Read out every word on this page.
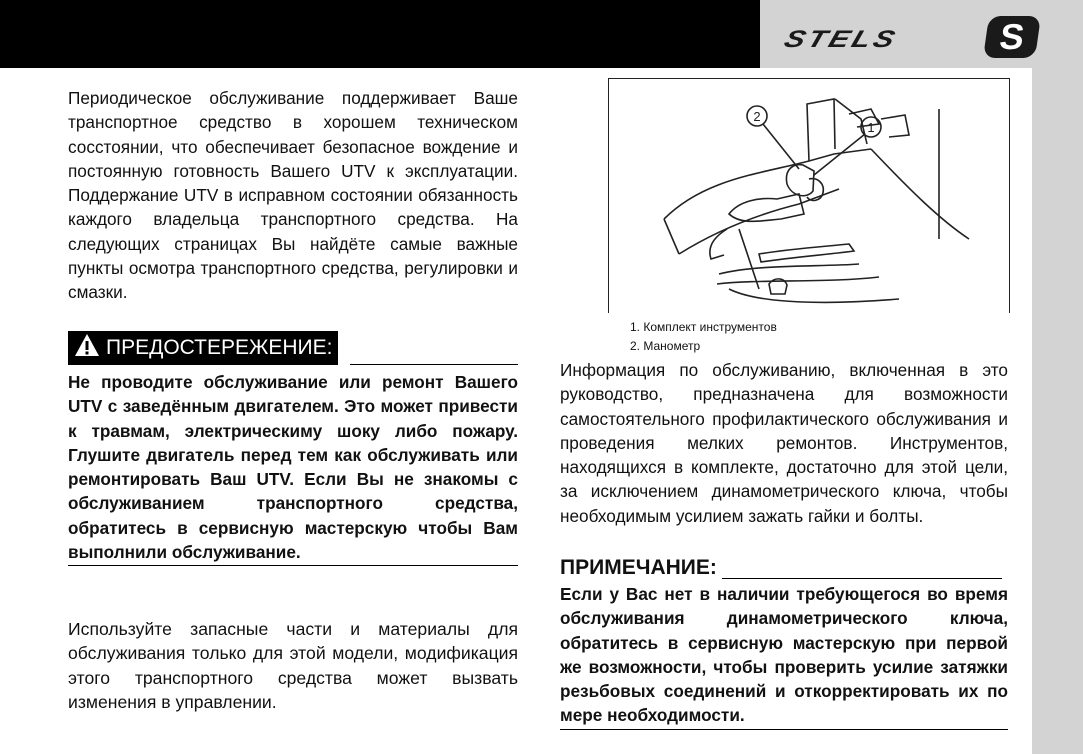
STELS	S

Периодическое обслуживание поддерживает Ваше транспортное средство в хорошем техническом сосстоянии, что обеспечивает безопасное вождение и постоянную готовность Вашего UTV к эксплуатации. Поддержание UTV в исправном состоянии обязанность каждого владельца транспортного средства. На следующих страницах Вы найдёте самые важные пункты осмотра транспортного средства, регулировки и смазки.

ПРЕДОСТЕРЕЖЕНИЕ:

Не проводите обслуживание или ремонт Вашего UTV с заведённым двигателем. Это может привести к травмам, электрическиму шоку либо пожару. Глушите двигатель перед тем как обслуживать или ремонтировать Ваш UTV. Если Вы не знакомы с обслуживанием транспортного средства, обратитесь в сервисную мастерскую чтобы Вам выполнили обслуживание.

Используйте запасные части и материалы для обслуживания только для этой модели, модификация этого транспортного средства может вызвать изменения в управлении.

2
1
1. Комплект инструментов
2. Манометр

Информация по обслуживанию, включенная в это руководство, предназначена для возможности самостоятельного профилактического обслуживания и проведения мелких ремонтов. Инструментов, находящихся в комплекте, достаточно для этой цели, за исключением динамометрического ключа, чтобы необходимым усилием зажать гайки и болты.

ПРИМЕЧАНИЕ:

Если у Вас нет в наличии требующегося во время обслуживания динамометрического ключа, обратитесь в сервисную мастерскую при первой же возможности, чтобы проверить усилие затяжки резьбовых соединений и откорректировать их по мере необходимости.
